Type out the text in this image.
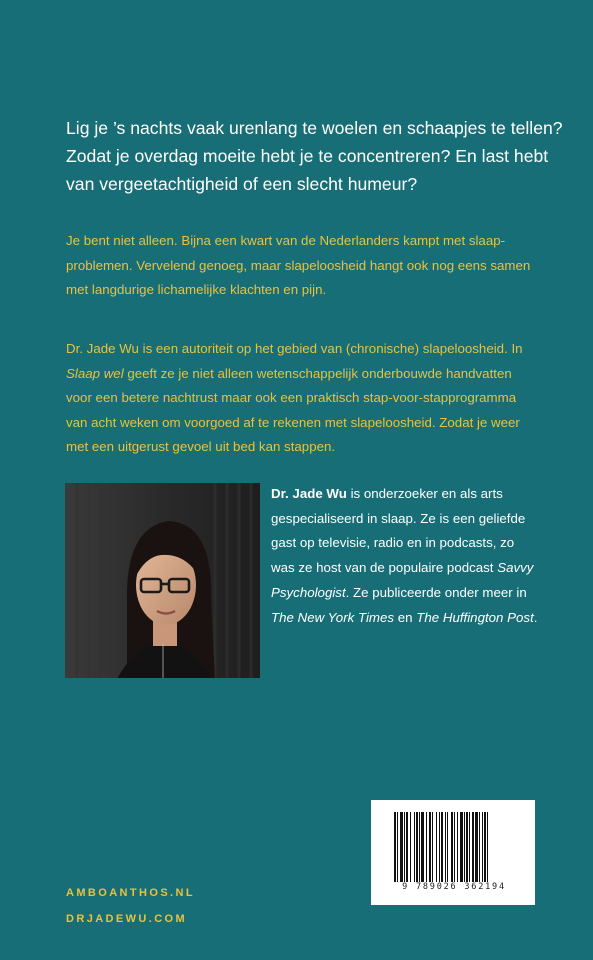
Lig je ’s nachts vaak urenlang te woelen en schaapjes te tellen?
Zodat je overdag moeite hebt je te concentreren? En last hebt
van vergeetachtigheid of een slecht humeur?
Je bent niet alleen. Bijna een kwart van de Nederlanders kampt met slaap-
problemen. Vervelend genoeg, maar slapeloosheid hangt ook nog eens samen
met langdurige lichamelijke klachten en pijn.
Dr. Jade Wu is een autoriteit op het gebied van (chronische) slapeloosheid. In
Slaap wel geeft ze je niet alleen wetenschappelijk onderbouwde handvatten
voor een betere nachtrust maar ook een praktisch stap-voor-stapprogramma
van acht weken om voorgoed af te rekenen met slapeloosheid. Zodat je weer
met een uitgerust gevoel uit bed kan stappen.
Dr. Jade Wu is onderzoeker en als arts
gespecialiseerd in slaap. Ze is een geliefde
gast op televisie, radio en in podcasts, zo
was ze host van de populaire podcast Savvy
Psychologist. Ze publiceerde onder meer in
The New York Times en The Huffington Post.
9 789026 362194
AMBOANTHOS.NL
DRJADEWU.COM
